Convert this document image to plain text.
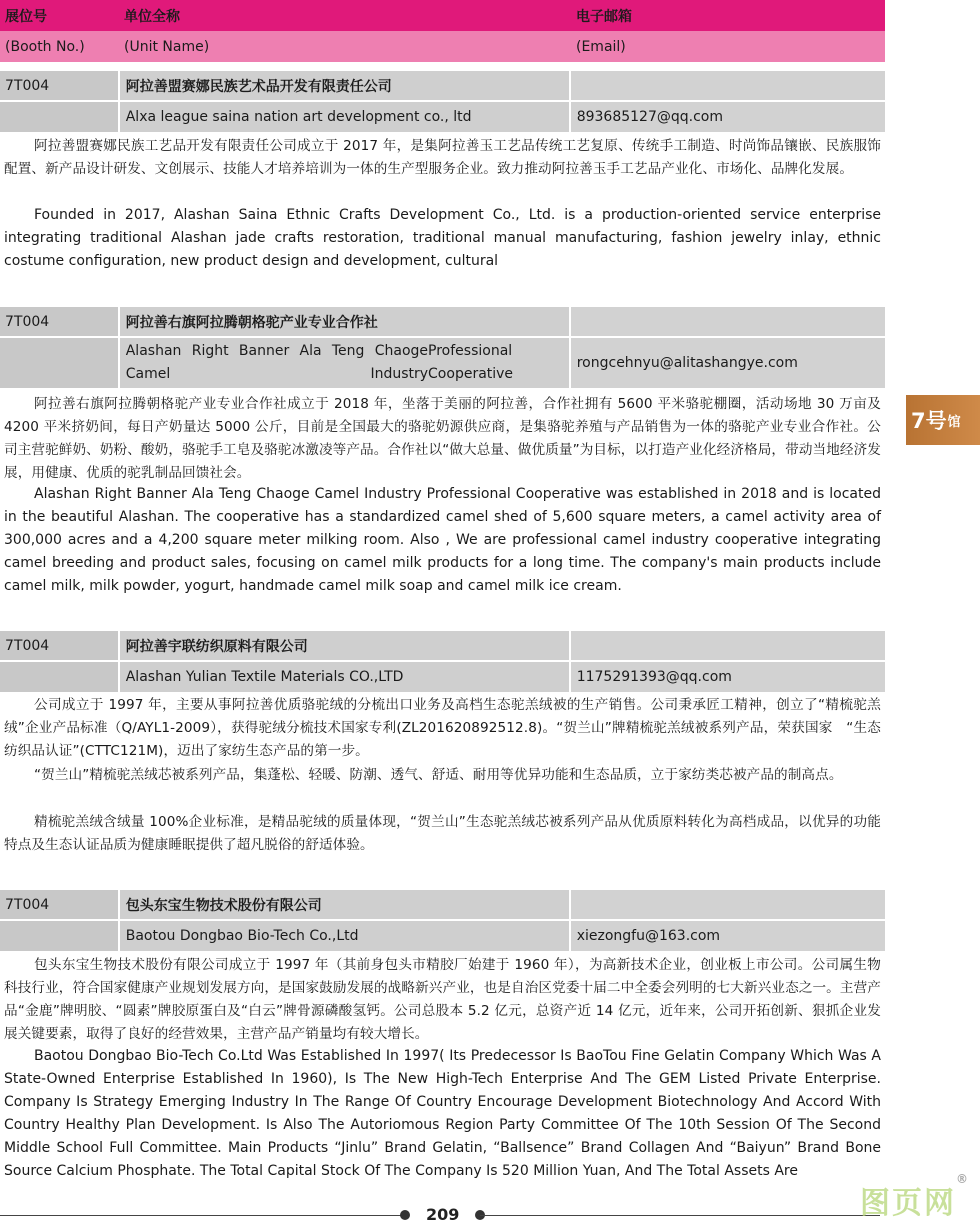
展位号	单位全称	电子邮箱
(Booth No.)	(Unit Name)	(Email)
7T004	阿拉善盟赛娜民族艺术品开发有限责任公司
Alxa league saina nation art development co., ltd	893685127@qq.com

阿拉善盟赛娜民族工艺品开发有限责任公司成立于 2017 年，是集阿拉善玉工艺品传统工艺复原、传统手工制造、时尚饰品镶嵌、民族服饰配置、新产品设计研发、文创展示、技能人才培养培训为一体的生产型服务企业。致力推动阿拉善玉手工艺品产业化、市场化、品牌化发展。

Founded in 2017, Alashan Saina Ethnic Crafts Development Co., Ltd. is a production-oriented service enterprise integrating traditional Alashan jade crafts restoration, traditional manual manufacturing, fashion jewelry inlay, ethnic costume configuration, new product design and development, cultural

7T004	阿拉善右旗阿拉腾朝格驼产业专业合作社
Alashan Right Banner Ala Teng Chaoge Camel Industry
Professional Cooperative
rongcehnyu@alitashangye.com

阿拉善右旗阿拉腾朝格驼产业专业合作社成立于 2018 年，坐落于美丽的阿拉善，合作社拥有 5600 平米骆驼棚圈，活动场地 30 万亩及 4200 平米挤奶间，每日产奶量达 5000 公斤，目前是全国最大的骆驼奶源供应商，是集骆驼养殖与产品销售为一体的骆驼产业专业合作社。公司主营驼鲜奶、奶粉、酸奶，骆驼手工皂及骆驼冰激凌等产品。合作社以“做大总量、做优质量”为目标，以打造产业化经济格局，带动当地经济发展，用健康、优质的驼乳制品回馈社会。

Alashan Right Banner Ala Teng Chaoge Camel Industry Professional Cooperative was established in 2018 and is located in the beautiful Alashan. The cooperative has a standardized camel shed of 5,600 square meters, a camel activity area of 300,000 acres and a 4,200 square meter milking room. Also , We are professional camel industry cooperative integrating camel breeding and product sales, focusing on camel milk products for a long time. The company's main products include camel milk, milk powder, yogurt, handmade camel milk soap and camel milk ice cream.

7T004	阿拉善宇联纺织原料有限公司
Alashan Yulian Textile Materials CO.,LTD	1175291393@qq.com

公司成立于 1997 年，主要从事阿拉善优质骆驼绒的分梳出口业务及高档生态驼羔绒被的生产销售。公司秉承匠工精神，创立了“精梳驼羔绒”企业产品标准（Q/AYL1-2009），获得驼绒分梳技术国家专利(ZL201620892512.8)。“贺兰山”牌精梳驼羔绒被系列产品，荣获国家　“生态纺织品认证”(CTTC121M)，迈出了家纺生态产品的第一步。

“贺兰山”精梳驼羔绒芯被系列产品，集蓬松、轻暖、防潮、透气、舒适、耐用等优异功能和生态品质，立于家纺类芯被产品的制高点。

精梳驼羔绒含绒量 100%企业标准，是精品驼绒的质量体现，“贺兰山”生态驼羔绒芯被系列产品从优质原料转化为高档成品，以优异的功能特点及生态认证品质为健康睡眠提供了超凡脱俗的舒适体验。

7T004	包头东宝生物技术股份有限公司
Baotou Dongbao Bio-Tech Co.,Ltd	xiezongfu@163.com

包头东宝生物技术股份有限公司成立于 1997 年（其前身包头市精胶厂始建于 1960 年），为高新技术企业，创业板上市公司。公司属生物科技行业，符合国家健康产业规划发展方向，是国家鼓励发展的战略新兴产业，也是自治区党委十届二中全委会列明的七大新兴业态之一。主营产品“金鹿”牌明胶、“圆素”牌胶原蛋白及“白云”牌骨源磷酸氢钙。公司总股本 5.2 亿元，总资产近 14 亿元，近年来，公司开拓创新、狠抓企业发展关键要素，取得了良好的经营效果，主营产品产销量均有较大增长。

Baotou Dongbao Bio-Tech Co.Ltd Was Established In 1997( Its Predecessor Is BaoTou Fine Gelatin Company Which Was A State-Owned Enterprise Established In 1960), Is The New High-Tech Enterprise And The GEM Listed Private Enterprise. Company Is Strategy Emerging Industry In The Range Of Country Encourage Development Biotechnology And Accord With Country Healthy Plan Development. Is Also The Autoriomous Region Party Committee Of The 10th Session Of The Second Middle School Full Committee. Main Products “Jinlu” Brand Gelatin, “Ballsence” Brand Collagen And “Baiyun” Brand Bone Source Calcium Phosphate. The Total Capital Stock Of The Company Is 520 Million Yuan, And The Total Assets Are

7号 馆
209	图页网®
